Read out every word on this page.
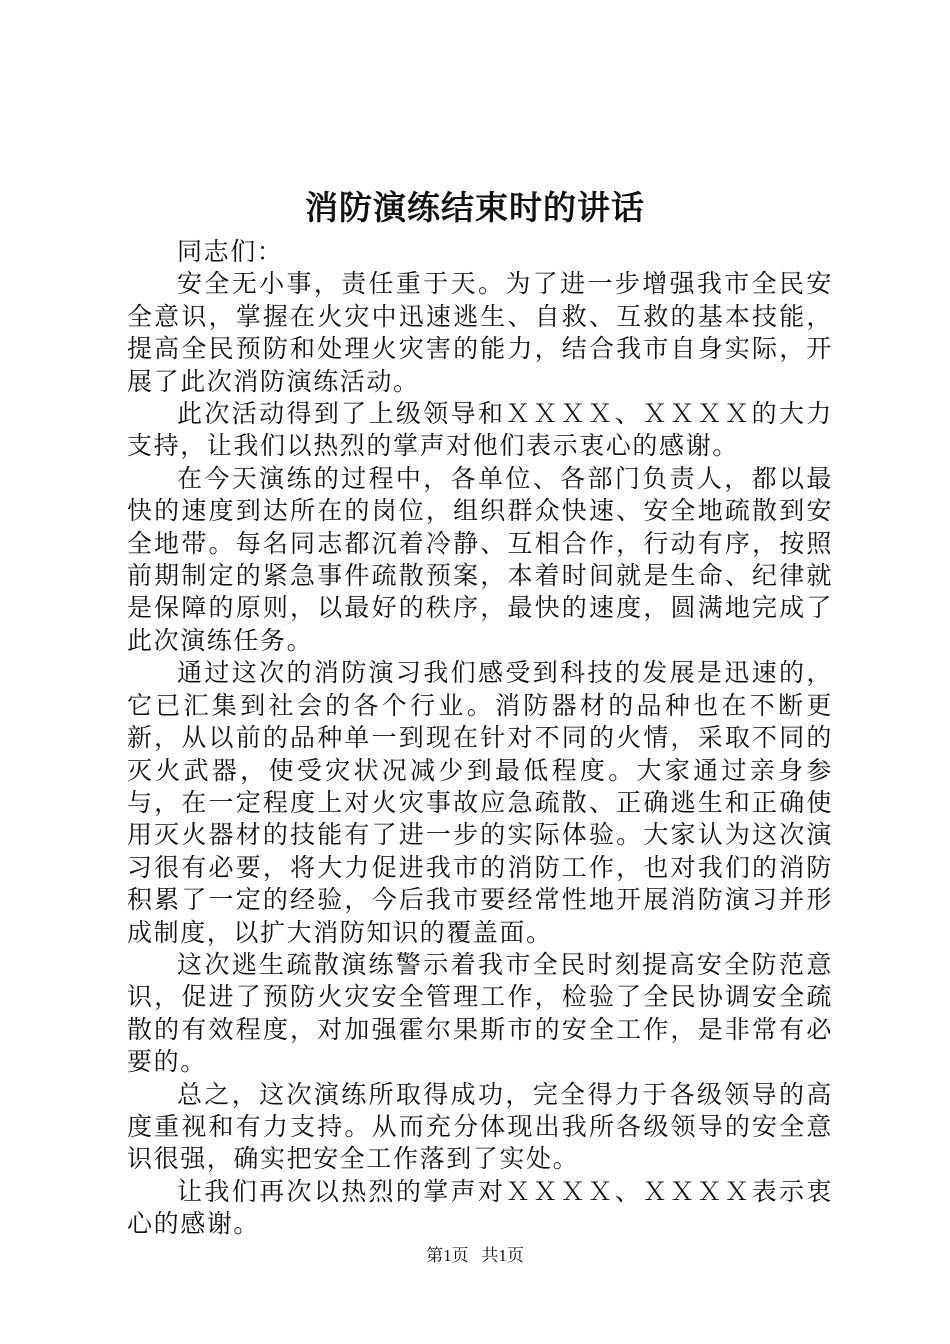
消防演练结束时的讲话

同志们：

安全无小事，责任重于天。为了进一步增强我市全民安全意识，掌握在火灾中迅速逃生、自救、互救的基本技能，提高全民预防和处理火灾害的能力，结合我市自身实际，开展了此次消防演练活动。

此次活动得到了上级领导和ＸＸＸＸ、ＸＸＸＸ的大力支持，让我们以热烈的掌声对他们表示衷心的感谢。

在今天演练的过程中，各单位、各部门负责人，都以最快的速度到达所在的岗位，组织群众快速、安全地疏散到安全地带。每名同志都沉着冷静、互相合作，行动有序，按照前期制定的紧急事件疏散预案，本着时间就是生命、纪律就是保障的原则，以最好的秩序，最快的速度，圆满地完成了此次演练任务。

通过这次的消防演习我们感受到科技的发展是迅速的，它已汇集到社会的各个行业。消防器材的品种也在不断更新，从以前的品种单一到现在针对不同的火情，采取不同的灭火武器，使受灾状况减少到最低程度。大家通过亲身参与，在一定程度上对火灾事故应急疏散、正确逃生和正确使用灭火器材的技能有了进一步的实际体验。大家认为这次演习很有必要，将大力促进我市的消防工作，也对我们的消防积累了一定的经验，今后我市要经常性地开展消防演习并形成制度，以扩大消防知识的覆盖面。

这次逃生疏散演练警示着我市全民时刻提高安全防范意识，促进了预防火灾安全管理工作，检验了全民协调安全疏散的有效程度，对加强霍尔果斯市的安全工作，是非常有必要的。

总之，这次演练所取得成功，完全得力于各级领导的高度重视和有力支持。从而充分体现出我所各级领导的安全意识很强，确实把安全工作落到了实处。

让我们再次以热烈的掌声对ＸＸＸＸ、ＸＸＸＸ表示衷心的感谢。

第1页 共1页
